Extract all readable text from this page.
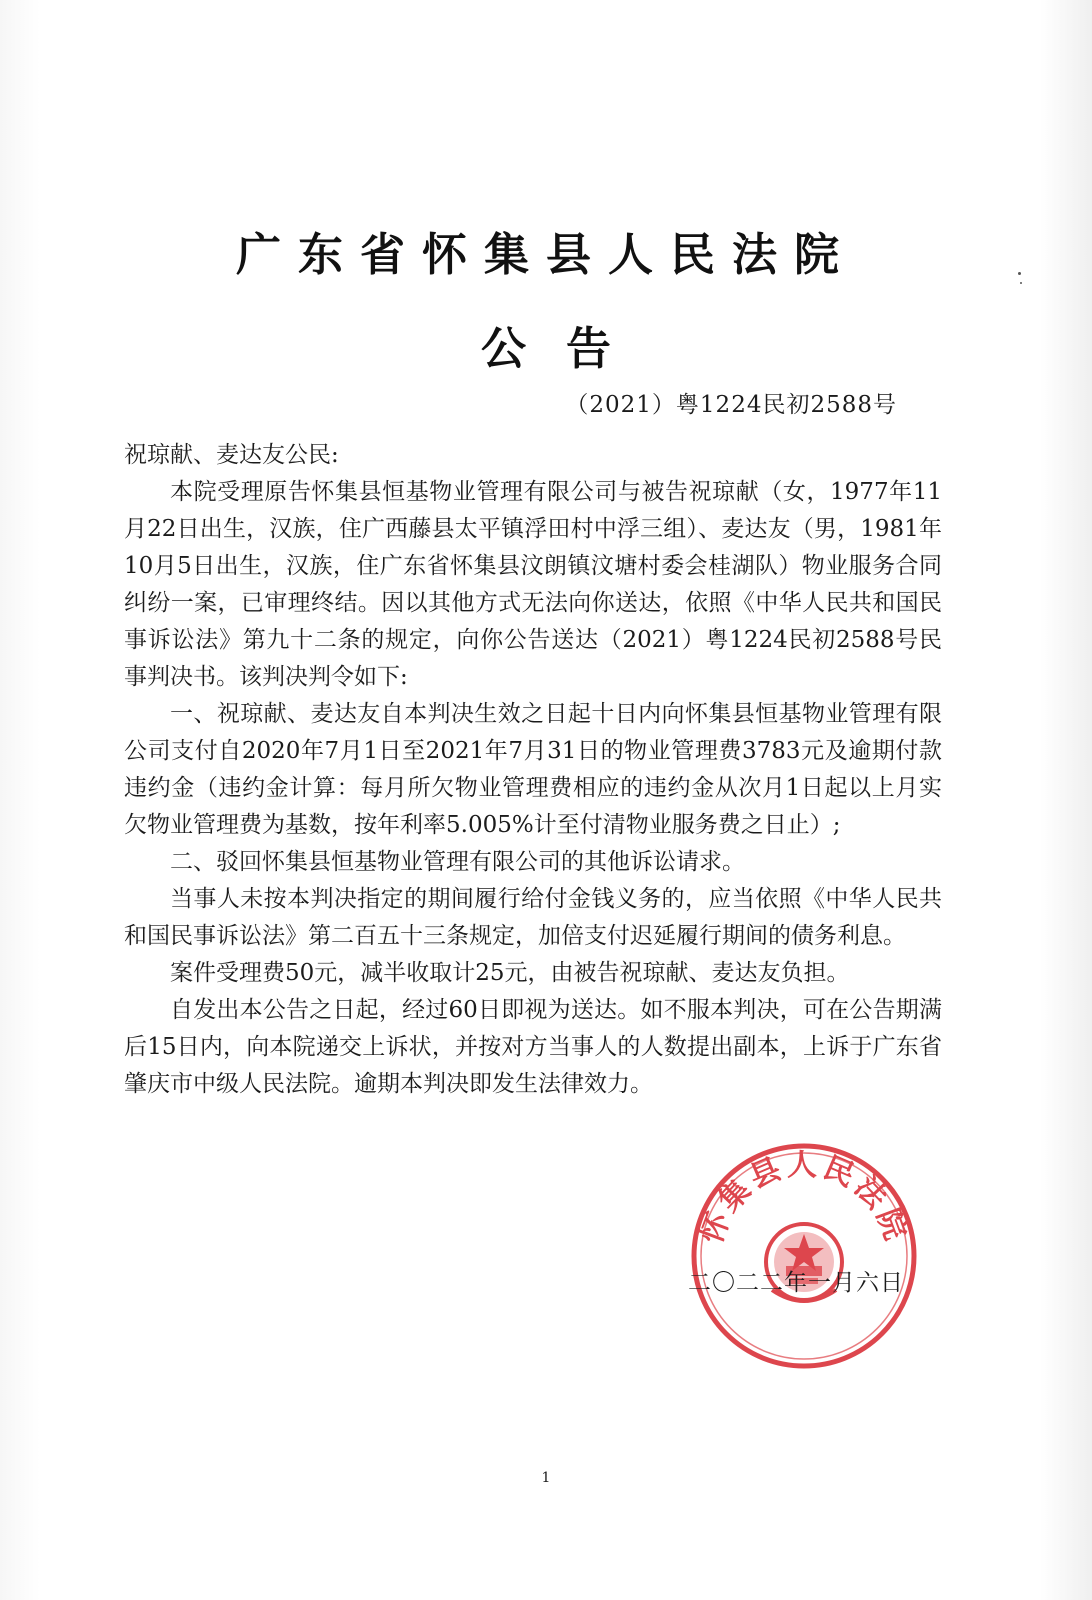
广东省怀集县人民法院
公告
（2021）粤1224民初2588号
祝琼献、麦达友公民:

本院受理原告怀集县恒基物业管理有限公司与被告祝琼献（女，1977年11月22日出生，汉族，住广西藤县太平镇浮田村中浮三组）、麦达友（男，1981年10月5日出生，汉族，住广东省怀集县汶朗镇汶塘村委会桂湖队）物业服务合同纠纷一案，已审理终结。因以其他方式无法向你送达，依照《中华人民共和国民事诉讼法》第九十二条的规定，向你公告送达（2021）粤1224民初2588号民事判决书。该判决判令如下:

一、祝琼献、麦达友自本判决生效之日起十日内向怀集县恒基物业管理有限公司支付自2020年7月1日至2021年7月31日的物业管理费3783元及逾期付款违约金（违约金计算：每月所欠物业管理费相应的违约金从次月1日起以上月实欠物业管理费为基数，按年利率5.005%计至付清物业服务费之日止）;

二、驳回怀集县恒基物业管理有限公司的其他诉讼请求。

当事人未按本判决指定的期间履行给付金钱义务的，应当依照《中华人民共和国民事诉讼法》第二百五十三条规定，加倍支付迟延履行期间的债务利息。

案件受理费50元，减半收取计25元，由被告祝琼献、麦达友负担。

自发出本公告之日起，经过60日即视为送达。如不服本判决，可在公告期满后15日内，向本院递交上诉状，并按对方当事人的人数提出副本，上诉于广东省肇庆市中级人民法院。逾期本判决即发生法律效力。

怀集县人民法院
二〇二二年一月六日
1
